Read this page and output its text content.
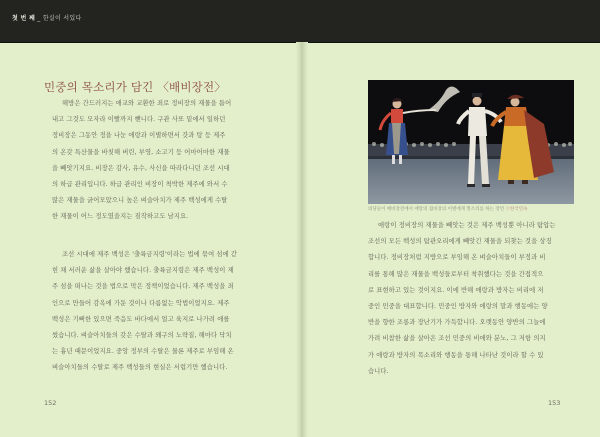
첫 번 째 _ 한실이 서있다
민중의 목소리가 담긴 〈배비장전〉
해방은 간드러지는 애교와 교환한 죄로 정비장의 재물을 틈어
내고 그것도 모자라 이빨까지 뺀니다. 구관 사또 밑에서 일하던
정비장은 그동안 정을 나눈 애랑과 이별하면서 갓과 탕 등 제주
의 온갖 특산물을 바칫해 버린, 부영, 소고기 등 어마어마한 재물
을 빼앗기지요. 비장은 감사, 유수, 사신을 따라다니던 조선 시대
의 하급 관리입니다. 하급 관리인 비장이 척박한 제주에 와서 수
많은 재물을 긁어모았으니 높은 벼슬아치가 제주 백성에게 수탈
한 재물이 어느 정도였을지는 짐작하고도 남지요.
조선 시대에 제주 백성은 '출륙금지령'이라는 법에 묶여 섬에 갇
힌 채 서러운 삶을 살아야 했습니다. 출륙금지령은 제주 백성이 제
주 섬을 떠나는 것을 법으로 막은 정책이었습니다. 제주 백성을 죄
인으로 만들어 감옥에 가둔 것이나 다름없는 악법이었지요. 제주
백성은 기뻐한 있으면 죽음도 바다에서 얼고 육지로 나가려 애를
썼습니다. 벼슬아치들의 갖은 수탈과 왜구의 노략질, 해마다 닥치
는 흉년 때문이었지요. 중앙 정부의 수탈은 물론 제주로 부임해 온
벼슬아치들의 수탈로 제주 백성들의 현실은 서럽기만 했습니다.
152
의당들이 배비장전에서 애랑의 접비장의 이별에게 헛소리를 하는 장면 ⓒ한국민속
애랑이 정비장의 재물을 빼앗는 것은 제주 백성뿐 아니라 탐압는
조선의 모든 백성의 탐관오리에게 빼앗긴 재물을 되찾는 것을 상징
합니다. 정비장처럼 지방으로 부임해 온 벼슬아치들이 부정과 비
리를 통해 많은 재물을 백성들로부터 착취했다는 것을 간접적으
로 표현하고 있는 것이지요. 이에 반해 애랑과 방자는 비리에 저
중인 민중을 대표합니다. 민중인 방자와 애랑의 말과 행동에는 양
반을 향한 조롱과 장난기가 가득합니다. 오랫동안 양반의 그늘에
가려 비참한 삶을 살아온 조선 민중의 비애와 분노, 그 저항 의지
가 애랑과 방자의 목소리와 행동을 통해 나타난 것이라 할 수 있
습니다.
153
